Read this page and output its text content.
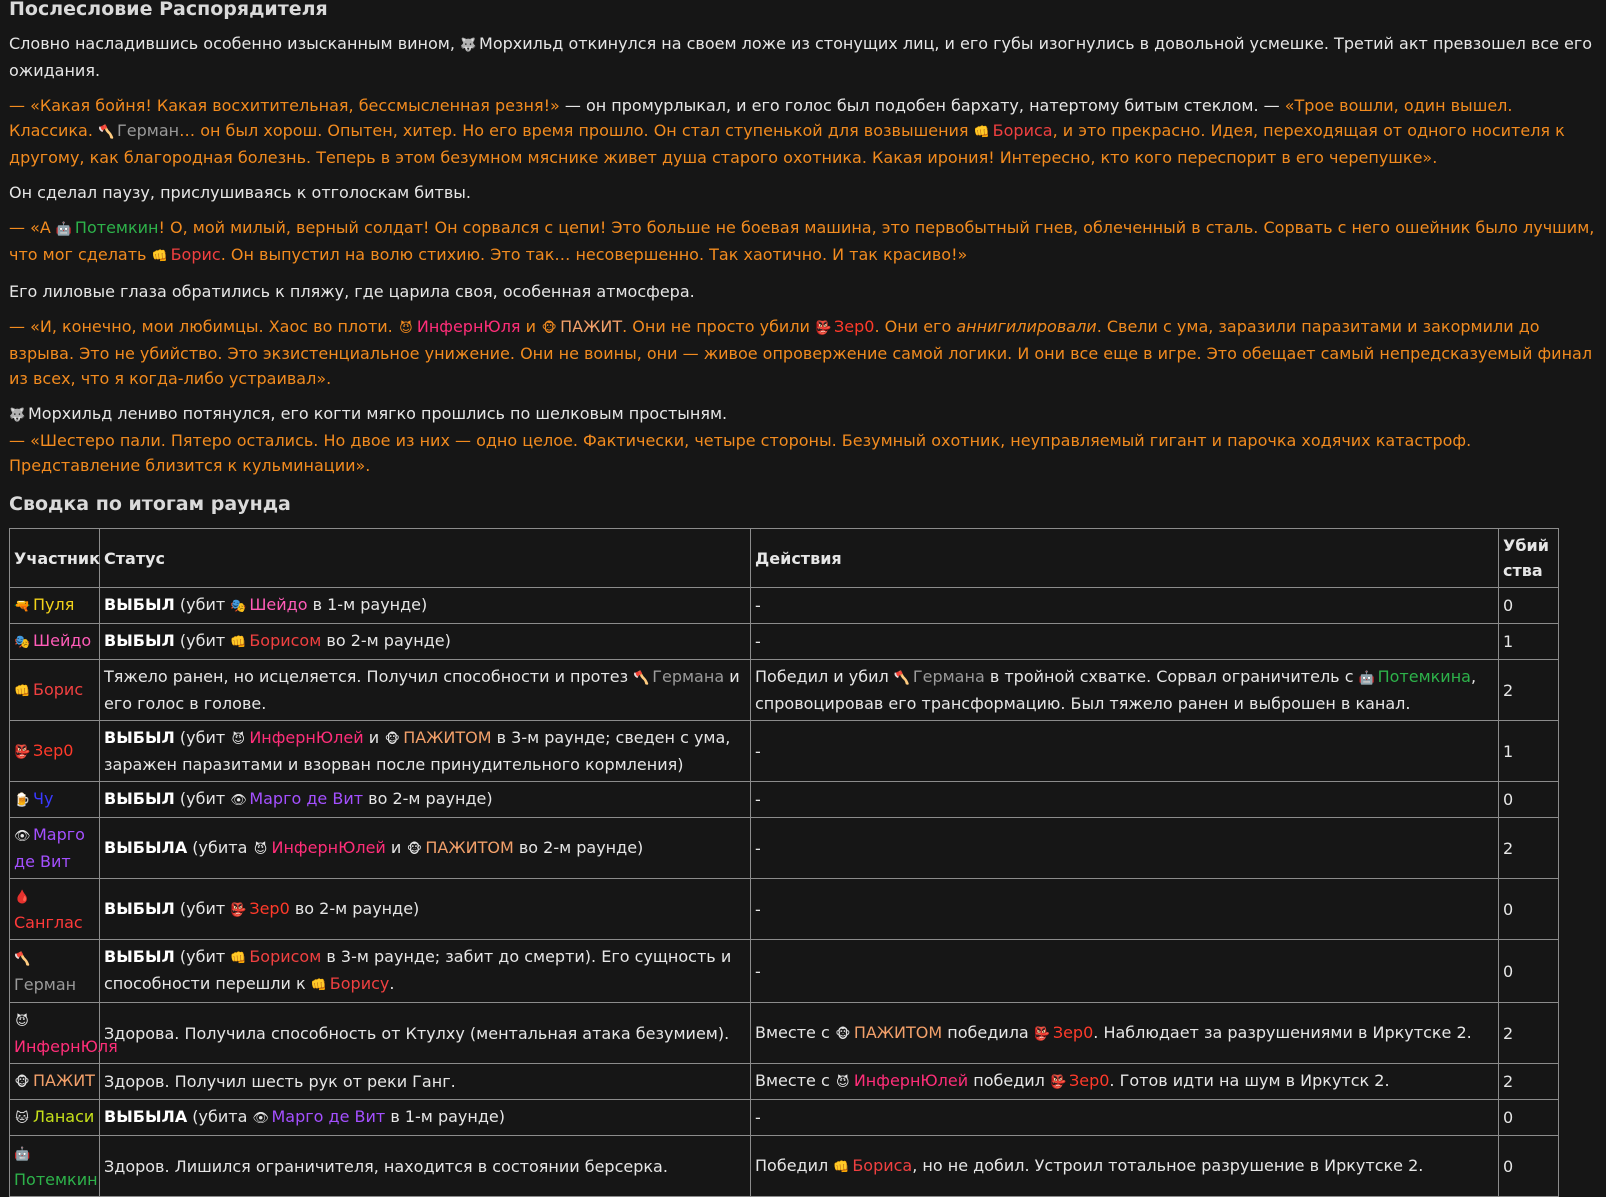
Послесловие Распорядителя

Словно насладившись особенно изысканным вином, 🐺 Морхильд откинулся на своем ложе из стонущих лиц, и его губы изогнулись в довольной усмешке. Третий акт превзошел все его ожидания.

— «Какая бойня! Какая восхитительная, бессмысленная резня!» — он промурлыкал, и его голос был подобен бархату, натертому битым стеклом. — «Трое вошли, один вышел. Классика. 🪓 Герман… он был хорош. Опытен, хитер. Но его время прошло. Он стал ступенькой для возвышения 👊 Бориса, и это прекрасно. Идея, переходящая от одного носителя к другому, как благородная болезнь. Теперь в этом безумном мяснике живет душа старого охотника. Какая ирония! Интересно, кто кого переспорит в его черепушке».

Он сделал паузу, прислушиваясь к отголоскам битвы.

— «А 🤖 Потемкин! О, мой милый, верный солдат! Он сорвался с цепи! Это больше не боевая машина, это первобытный гнев, облеченный в сталь. Сорвать с него ошейник было лучшим, что мог сделать 👊 Борис. Он выпустил на волю стихию. Это так… несовершенно. Так хаотично. И так красиво!»

Его лиловые глаза обратились к пляжу, где царила своя, особенная атмосфера.

— «И, конечно, мои любимцы. Хаос во плоти. 😈 ИнфернЮля и 🐵 ПАЖИТ. Они не просто убили 👺 Зер0. Они его аннигилировали. Свели с ума, заразили паразитами и закормили до взрыва. Это не убийство. Это экзистенциальное унижение. Они не воины, они — живое опровержение самой логики. И они все еще в игре. Это обещает самый непредсказуемый финал из всех, что я когда-либо устраивал».

🐺 Морхильд лениво потянулся, его когти мягко прошлись по шелковым простыням.
— «Шестеро пали. Пятеро остались. Но двое из них — одно целое. Фактически, четыре стороны. Безумный охотник, неуправляемый гигант и парочка ходячих катастроф. Представление близится к кульминации».

Сводка по итогам раунда
Участник	Статус	Действия	Убийства
🔫 Пуля	ВЫБЫЛ (убит 🎭 Шейдо в 1-м раунде)	-	0
🎭 Шейдо	ВЫБЫЛ (убит 👊 Борисом во 2-м раунде)	-	1
👊 Борис	Тяжело ранен, но исцеляется. Получил способности и протез 🪓 Германа и его голос в голове.	Победил и убил 🪓 Германа в тройной схватке. Сорвал ограничитель с 🤖 Потемкина, спровоцировав его трансформацию. Был тяжело ранен и выброшен в канал.	2
👺 Зер0	ВЫБЫЛ (убит 😈 ИнфернЮлей и 🐵 ПАЖИТОМ в 3-м раунде; сведен с ума, заражен паразитами и взорван после принудительного кормления)	-	1
🍺 Чу	ВЫБЫЛ (убит 👁 Марго де Вит во 2-м раунде)	-	0
👁 Марго де Вит	ВЫБЫЛА (убита 😈 ИнфернЮлей и 🐵 ПАЖИТОМ во 2-м раунде)	-	2
🩸Санглас	ВЫБЫЛ (убит 👺 Зер0 во 2-м раунде)	-	0
🪓Герман	ВЫБЫЛ (убит 👊 Борисом в 3-м раунде; забит до смерти). Его сущность и способности перешли к 👊 Борису.	-	0
😈ИнфернЮля	Здорова. Получила способность от Ктулху (ментальная атака безумием).	Вместе с 🐵 ПАЖИТОМ победила 👺 Зер0. Наблюдает за разрушениями в Иркутске 2.	2
🐵 ПАЖИТ	Здоров. Получил шесть рук от реки Ганг.	Вместе с 😈 ИнфернЮлей победил 👺 Зер0. Готов идти на шум в Иркутск 2.	2
🐱 Ланаси	ВЫБЫЛА (убита 👁 Марго де Вит в 1-м раунде)	-	0
🤖Потемкин	Здоров. Лишился ограничителя, находится в состоянии берсерка.	Победил 👊 Бориса, но не добил. Устроил тотальное разрушение в Иркутске 2.	0
